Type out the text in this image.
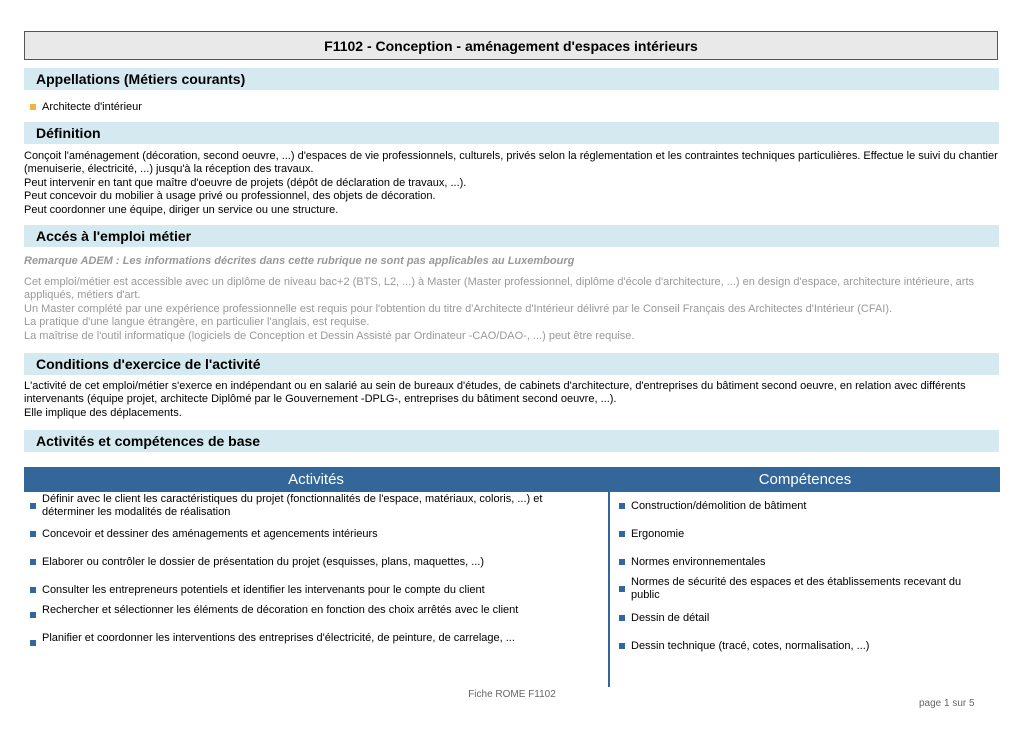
F1102 - Conception - aménagement d'espaces intérieurs
Appellations (Métiers courants)
Architecte d'intérieur
Définition

Conçoit l'aménagement (décoration, second oeuvre, ...) d'espaces de vie professionnels, culturels, privés selon la réglementation et les contraintes techniques particulières. Effectue le suivi du chantier (menuiserie, électricité, ...) jusqu'à la réception des travaux.

Peut intervenir en tant que maître d'oeuvre de projets (dépôt de déclaration de travaux, ...).

Peut concevoir du mobilier à usage privé ou professionnel, des objets de décoration.

Peut coordonner une équipe, diriger un service ou une structure.

Accés à l'emploi métier
Remarque ADEM : Les informations décrites dans cette rubrique ne sont pas applicables au Luxembourg

Cet emploi/métier est accessible avec un diplôme de niveau bac+2 (BTS, L2, ...) à Master (Master professionnel, diplôme d'école d'architecture, ...) en design d'espace, architecture intérieure, arts appliqués, métiers d'art.

Un Master complété par une expérience professionnelle est requis pour l'obtention du titre d'Architecte d'Intérieur délivré par le Conseil Français des Architectes d'Intérieur (CFAI).

La pratique d'une langue étrangère, en particulier l'anglais, est requise.

La maîtrise de l'outil informatique (logiciels de Conception et Dessin Assisté par Ordinateur -CAO/DAO-, ...) peut être requise.

Conditions d'exercice de l'activité

L'activité de cet emploi/métier s'exerce en indépendant ou en salarié au sein de bureaux d'études, de cabinets d'architecture, d'entreprises du bâtiment second oeuvre, en relation avec différents intervenants (équipe projet, architecte Diplômé par le Gouvernement -DPLG-, entreprises du bâtiment second oeuvre, ...).

Elle implique des déplacements.

Activités et compétences de base
Activités	Compétences
Définir avec le client les caractéristiques du projet (fonctionnalités de l'espace, matériaux, coloris, ...) et déterminer les modalités de réalisation
Concevoir et dessiner des aménagements et agencements intérieurs
Elaborer ou contrôler le dossier de présentation du projet (esquisses, plans, maquettes, ...)
Consulter les entrepreneurs potentiels et identifier les intervenants pour le compte du client
Rechercher et sélectionner les éléments de décoration en fonction des choix arrêtés avec le client
Planifier et coordonner les interventions des entreprises d'électricité, de peinture, de carrelage, ...
Construction/démolition de bâtiment
Ergonomie
Normes environnementales
Normes de sécurité des espaces et des établissements recevant du public
Dessin de détail
Dessin technique (tracé, cotes, normalisation, ...)
Fiche ROME F1102
page 1 sur 5
